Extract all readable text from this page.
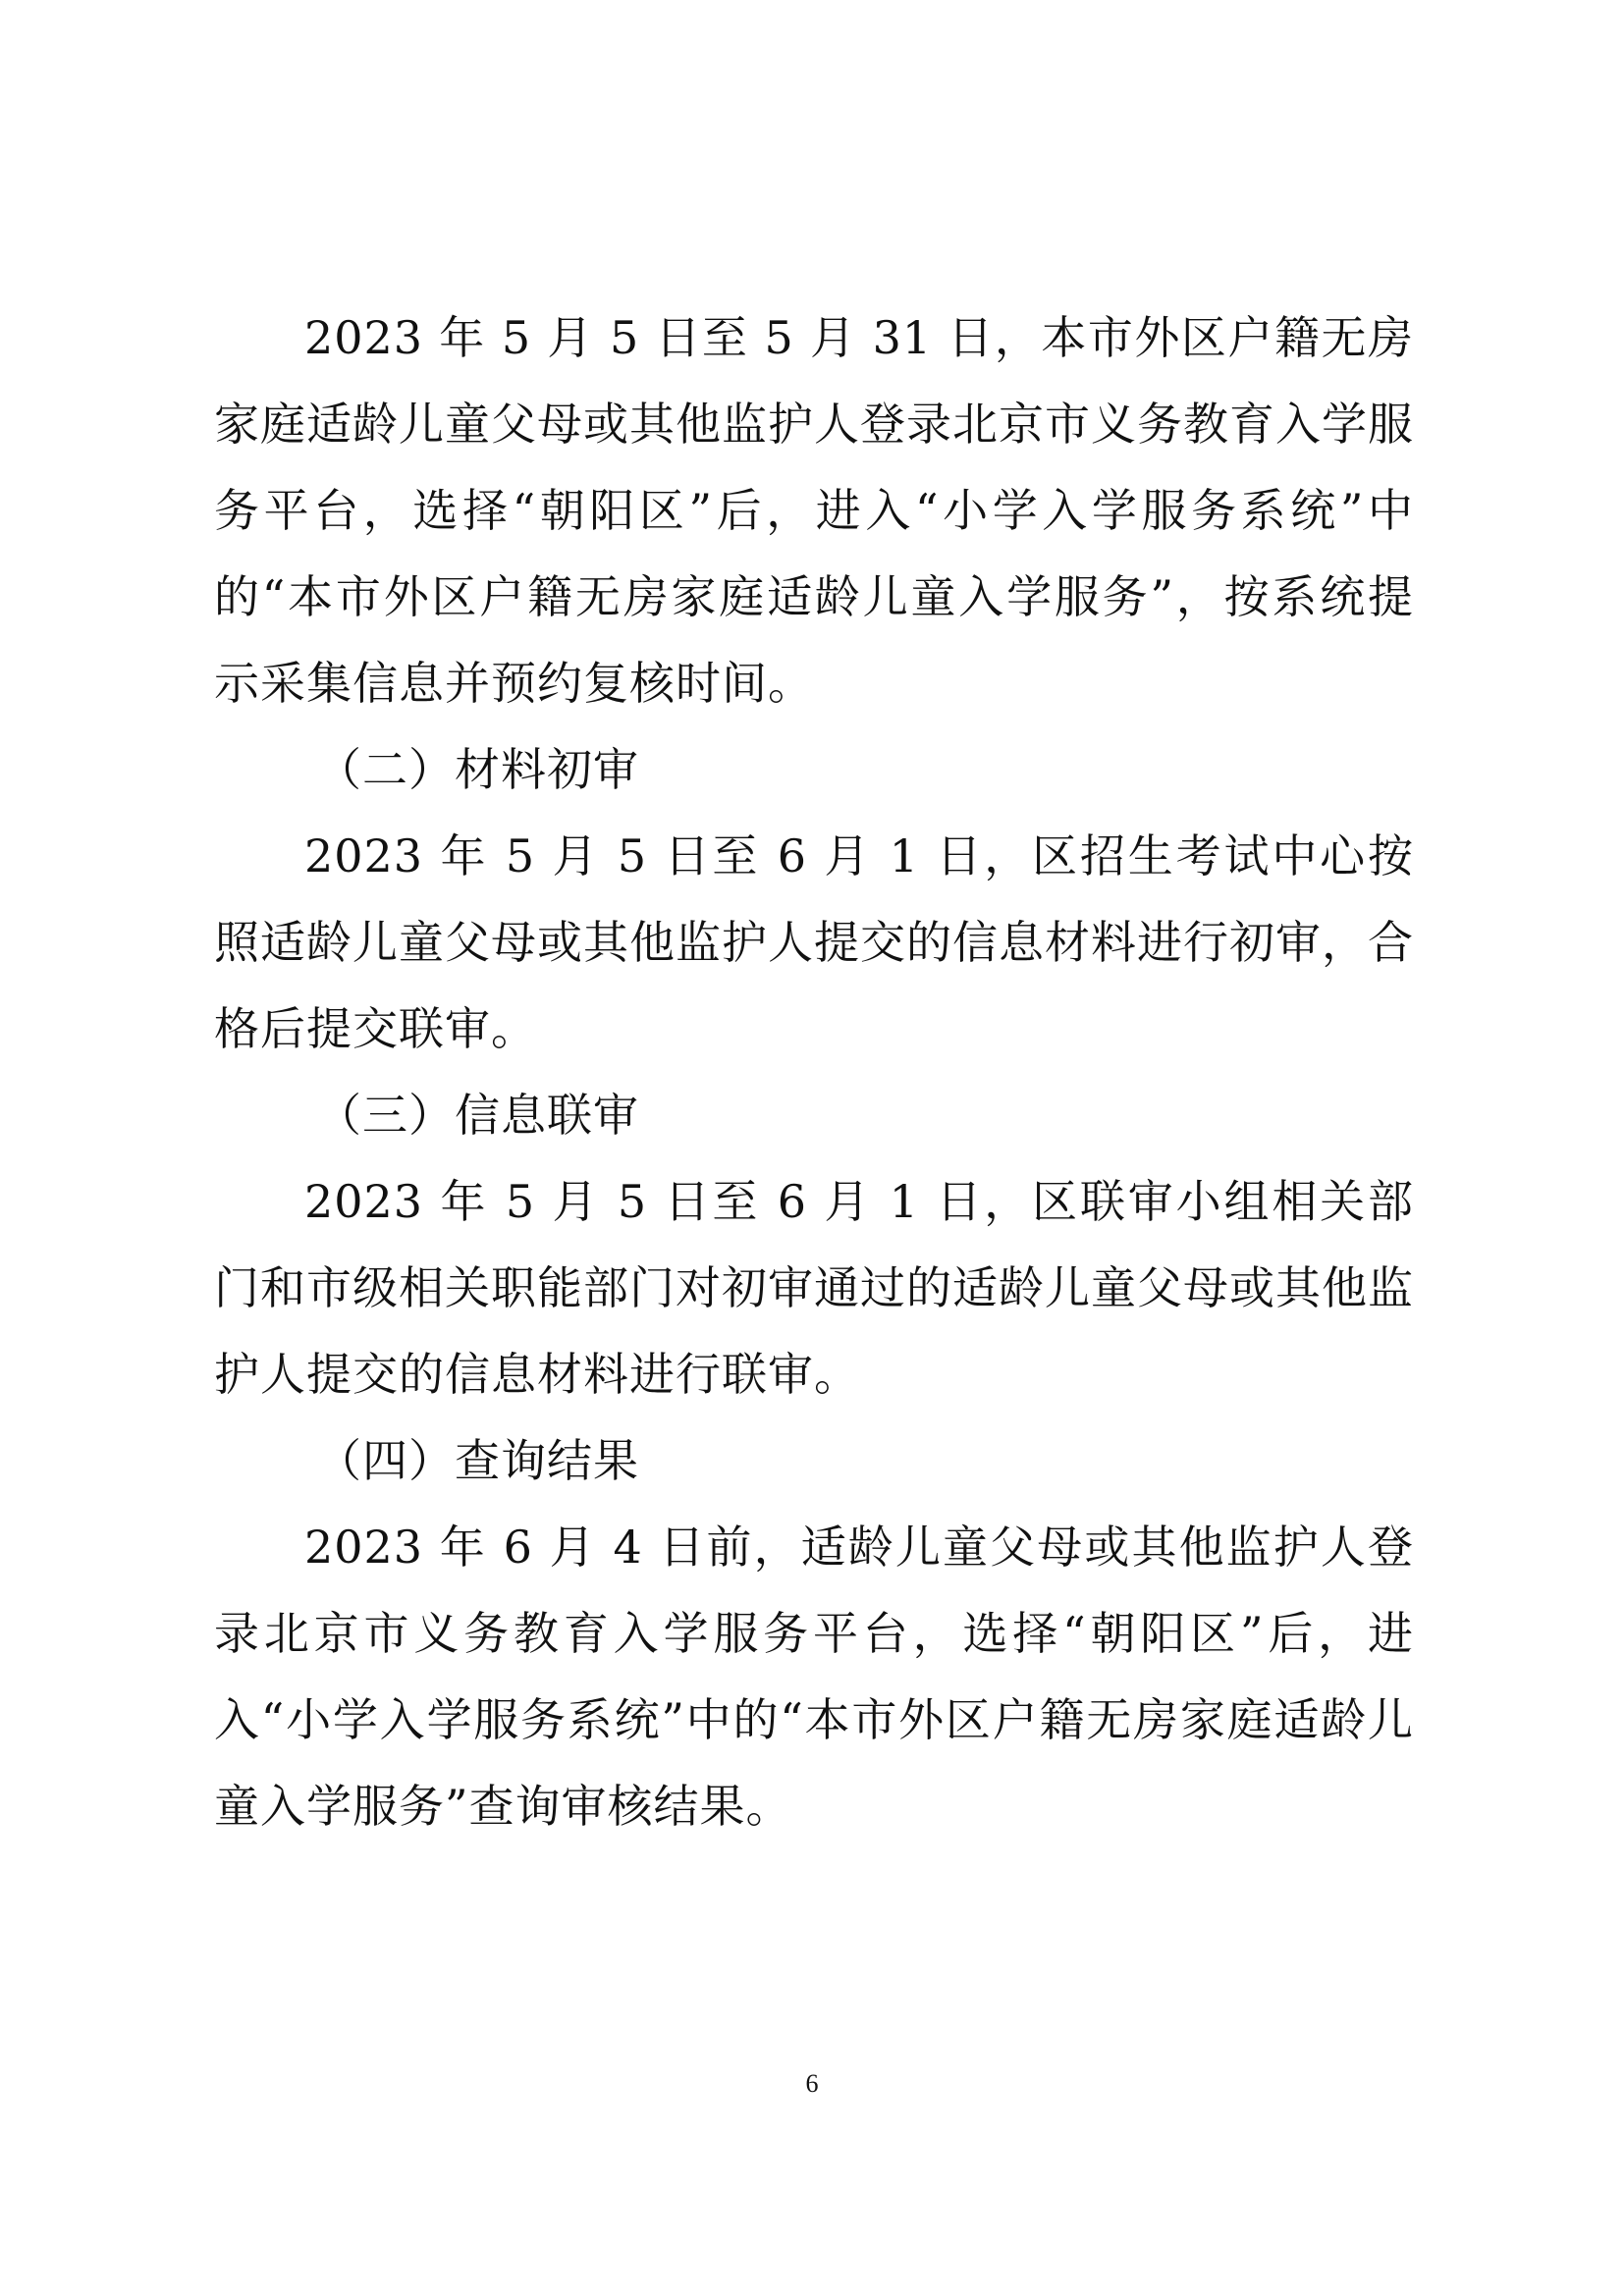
2023 年 5 月 5 日至 5 月 31 日，本市外区户籍无房家庭适龄儿童父母或其他监护人登录北京市义务教育入学服务平台，选择“朝阳区”后，进入“小学入学服务系统”中的“本市外区户籍无房家庭适龄儿童入学服务”，按系统提示采集信息并预约复核时间。

（二）材料初审

2023 年 5 月 5 日至 6 月 1 日，区招生考试中心按照适龄儿童父母或其他监护人提交的信息材料进行初审，合格后提交联审。

（三）信息联审

2023 年 5 月 5 日至 6 月 1 日，区联审小组相关部门和市级相关职能部门对初审通过的适龄儿童父母或其他监护人提交的信息材料进行联审。

（四）查询结果

2023 年 6 月 4 日前，适龄儿童父母或其他监护人登录北京市义务教育入学服务平台，选择“朝阳区”后，进入“小学入学服务系统”中的“本市外区户籍无房家庭适龄儿童入学服务”查询审核结果。

6
